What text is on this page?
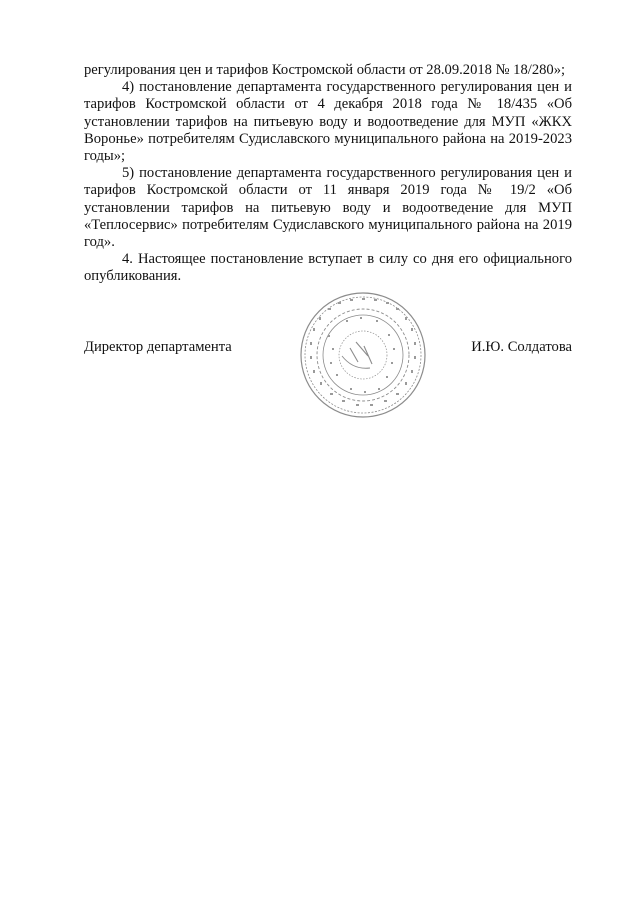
регулирования цен и тарифов Костромской области от 28.09.2018 № 18/280»;

4) постановление департамента государственного регулирования цен и тарифов Костромской области от 4 декабря 2018 года № 18/435 «Об установлении тарифов на питьевую воду и водоотведение для МУП «ЖКХ Воронье» потребителям Судиславского муниципального района на 2019-2023 годы»;

5) постановление департамента государственного регулирования цен и тарифов Костромской области от 11 января 2019 года № 19/2 «Об установлении тарифов на питьевую воду и водоотведение для МУП «Теплосервис» потребителям Судиславского муниципального района на 2019 год».

4. Настоящее постановление вступает в силу со дня его официального опубликования.

Директор департамента	И.Ю. Солдатова
